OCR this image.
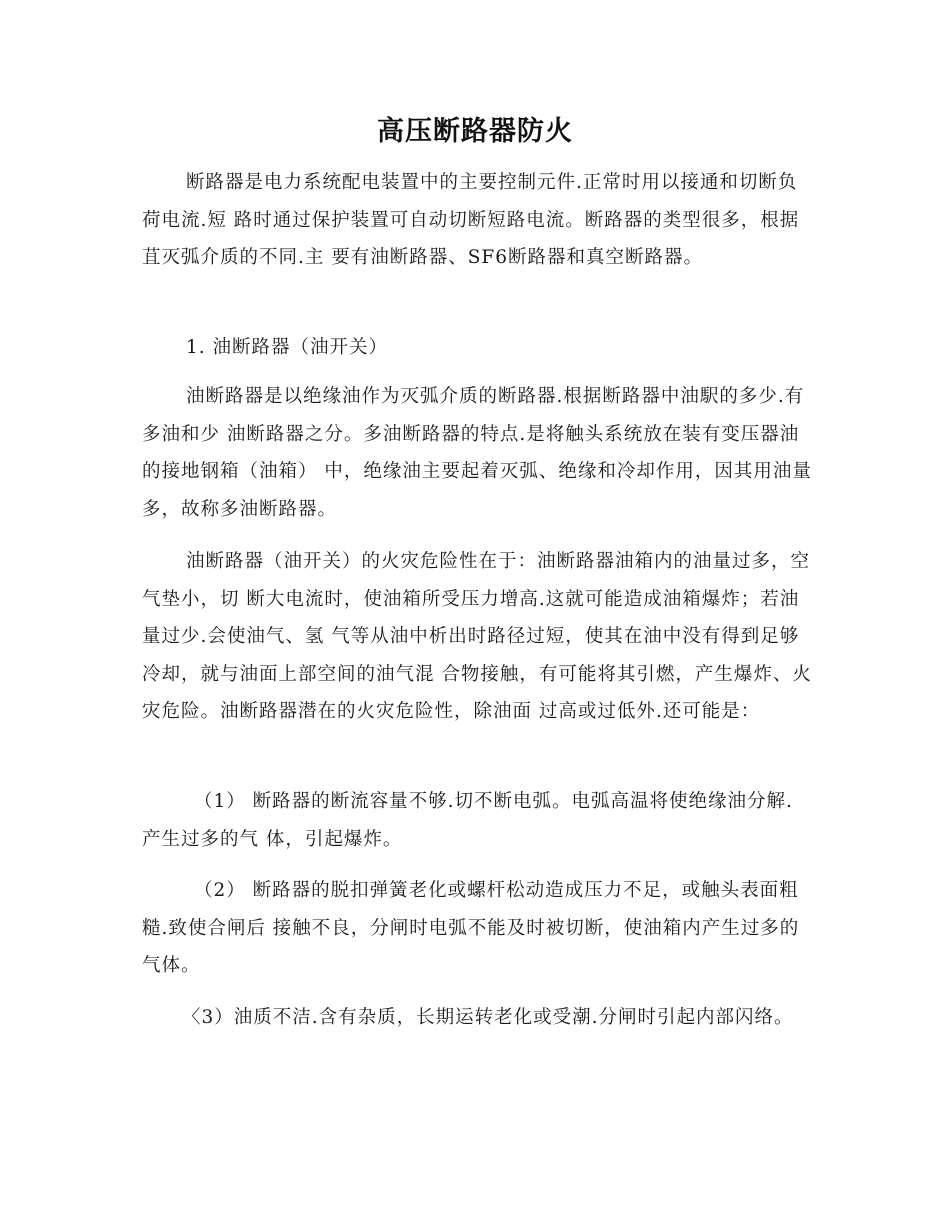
高压断路器防火

断路器是电力系统配电装置中的主要控制元件.正常时用以接通和切断负荷电流.短 路时通过保护装置可自动切断短路电流。断路器的类型很多，根据苴灭弧介质的不同.主 要有油断路器、SF6断路器和真空断路器。

1. 油断路器（油开关）

油断路器是以绝缘油作为灭弧介质的断路器.根据断路器中油駅的多少.有多油和少 油断路器之分。多油断路器的特点.是将触头系统放在装有变压器油的接地钢箱（油箱） 中，绝缘油主要起着灭弧、绝缘和冷却作用，因其用油量多，故称多油断路器。

油断路器（油开关）的火灾危险性在于：油断路器油箱内的油量过多，空气垫小，切 断大电流时，使油箱所受压力增高.这就可能造成油箱爆炸；若油量过少.会使油气、氢 气等从油中析出时路径过短，使其在油中没有得到足够冷却，就与油面上部空间的油气混 合物接触，有可能将其引燃，产生爆炸、火灾危险。油断路器潜在的火灾危险性，除油面 过高或过低外.还可能是：

（1） 断路器的断流容量不够.切不断电弧。电弧高温将使绝缘油分解.产生过多的气 体，引起爆炸。

（2） 断路器的脱扣弹簧老化或螺杆松动造成压力不足，或触头表面粗糙.致使合闸后 接触不良，分闸时电弧不能及时被切断，使油箱内产生过多的气体。

〈3）油质不洁.含有杂质，长期运转老化或受潮.分闸时引起内部闪络。
